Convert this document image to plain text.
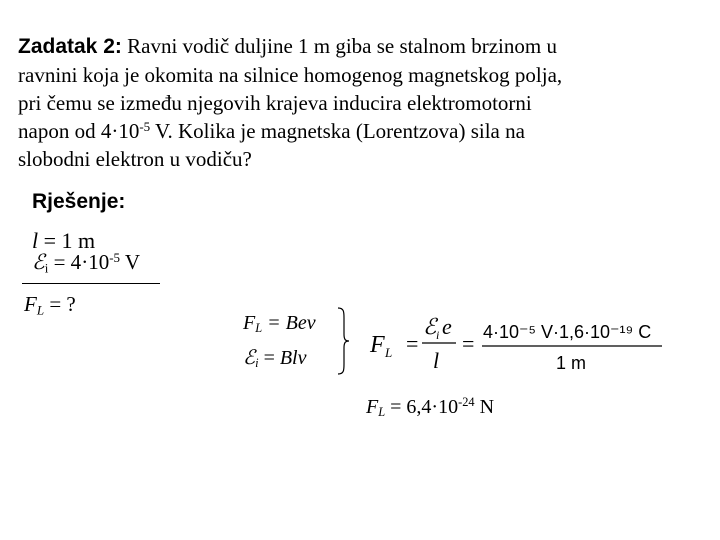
Zadatak 2: Ravni vodič duljine 1 m giba se stalnom brzinom u
ravnini koja je okomita na silnice homogenog magnetskog polja,
pri čemu se između njegovih krajeva inducira elektromotorni
napon od $4\cdot 10^{-5}$ V. Kolika je magnetska (Lorentzova) sila na
slobodni elektron u vodiču?
Rješenje:
l = 1 m
ℰ$_i$ = $4\cdot 10^{-5}$ V
$F_L$ = ?
$F_L$ = Bev
ℰ$_i$ = Blv	F L =
ℰ i e
l
= 4·10⁻⁵ V·1,6·10⁻¹⁹ C
1 m
$F_L = 6,4\cdot 10^{-24}$ N
